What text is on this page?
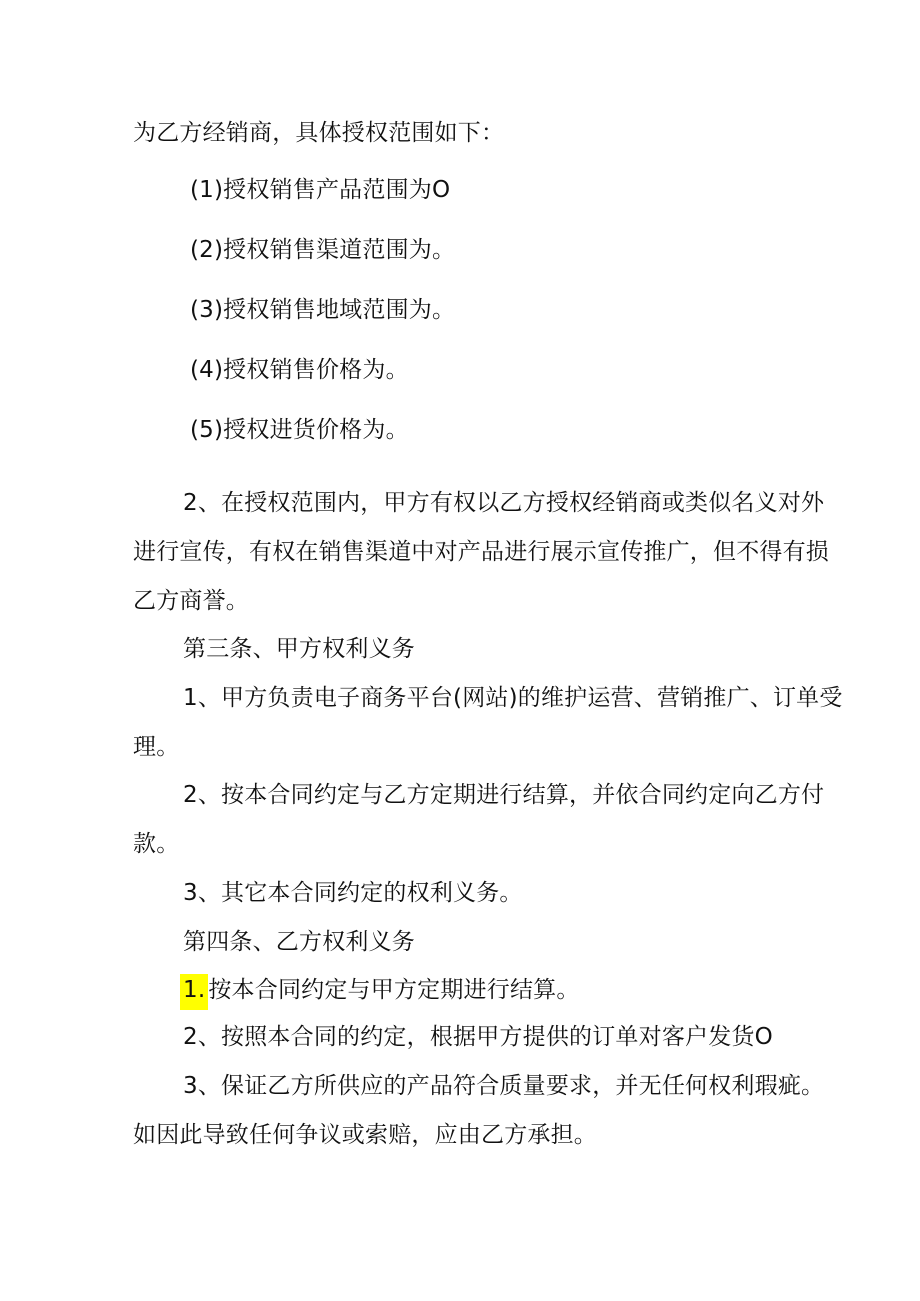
为乙方经销商，具体授权范围如下：
(1)授权销售产品范围为O
(2)授权销售渠道范围为。
(3)授权销售地域范围为。
(4)授权销售价格为。
(5)授权进货价格为。
2、在授权范围内，甲方有权以乙方授权经销商或类似名义对外
进行宣传，有权在销售渠道中对产品进行展示宣传推广，但不得有损
乙方商誉。
第三条、甲方权利义务
1、甲方负责电子商务平台(网站)的维护运营、营销推广、订单受
理。
2、按本合同约定与乙方定期进行结算，并依合同约定向乙方付
款。
3、其它本合同约定的权利义务。
第四条、乙方权利义务
1. 按本合同约定与甲方定期进行结算。
2、按照本合同的约定，根据甲方提供的订单对客户发货O
3、保证乙方所供应的产品符合质量要求，并无任何权利瑕疵。
如因此导致任何争议或索赔，应由乙方承担。
